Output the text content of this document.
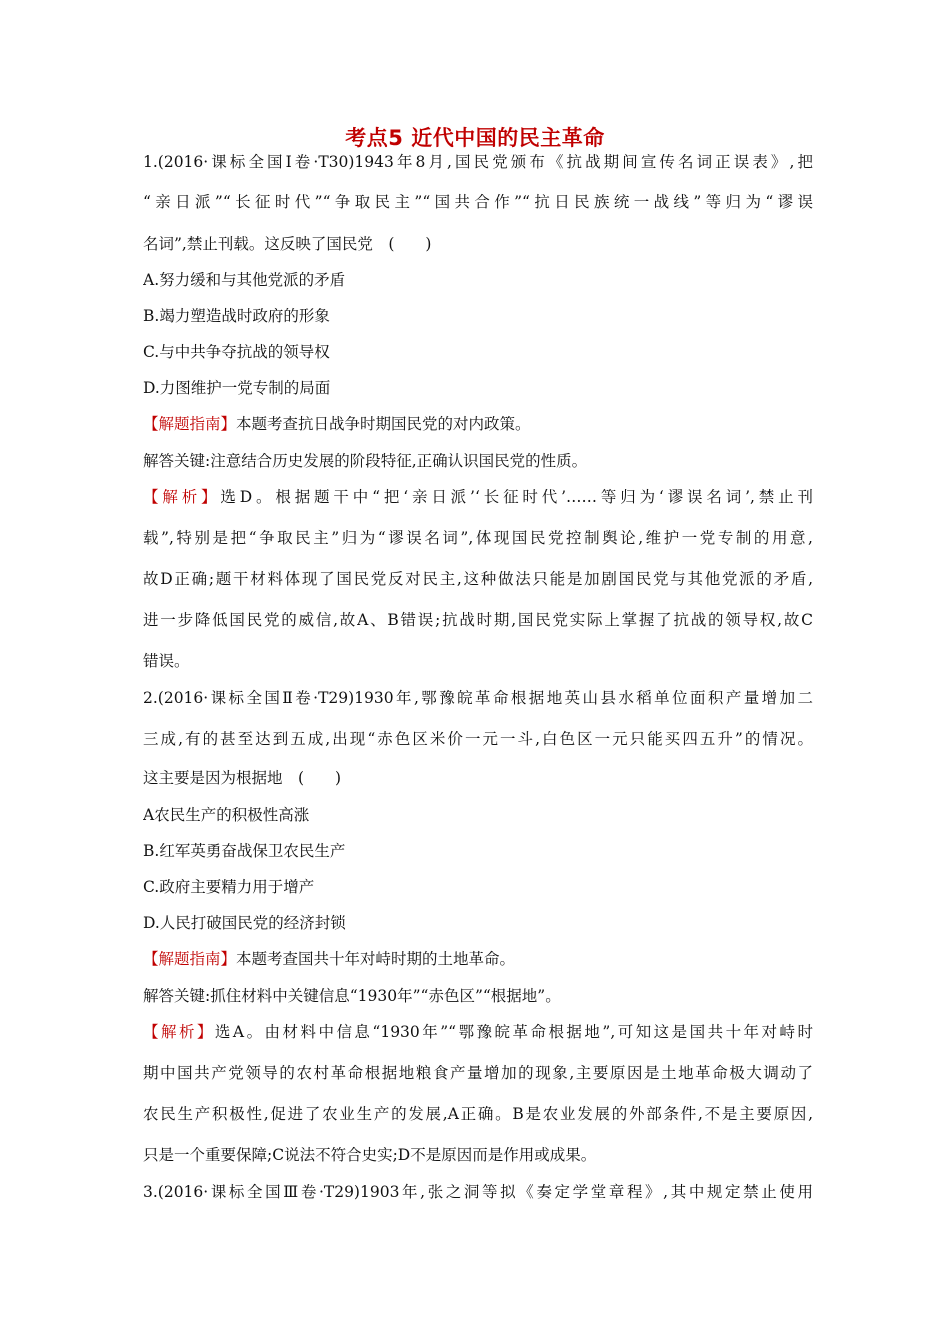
考点5 近代中国的民主革命
1.(2016·课标全国Ⅰ卷·T30)1943年8月,国民党颁布《抗战期间宣传名词正误表》,把
“亲日派”“长征时代”“争取民主”“国共合作”“抗日民族统一战线”等归为“谬误
名词”,禁止刊载。这反映了国民党　(　　)
A.努力缓和与其他党派的矛盾
B.竭力塑造战时政府的形象
C.与中共争夺抗战的领导权
D.力图维护一党专制的局面
【解题指南】本题考查抗日战争时期国民党的对内政策。
解答关键:注意结合历史发展的阶段特征,正确认识国民党的性质。
【解析】选D。根据题干中“把‘亲日派’‘长征时代’……等归为‘谬误名词’,禁止刊
载”,特别是把“争取民主”归为“谬误名词”,体现国民党控制舆论,维护一党专制的用意,
故D正确;题干材料体现了国民党反对民主,这种做法只能是加剧国民党与其他党派的矛盾,
进一步降低国民党的威信,故A、B错误;抗战时期,国民党实际上掌握了抗战的领导权,故C
错误。
2.(2016·课标全国Ⅱ卷·T29)1930年,鄂豫皖革命根据地英山县水稻单位面积产量增加二
三成,有的甚至达到五成,出现“赤色区米价一元一斗,白色区一元只能买四五升”的情况。
这主要是因为根据地　(　　)
A农民生产的积极性高涨
B.红军英勇奋战保卫农民生产
C.政府主要精力用于增产
D.人民打破国民党的经济封锁
【解题指南】本题考查国共十年对峙时期的土地革命。
解答关键:抓住材料中关键信息“1930年”“赤色区”“根据地”。
【解析】选A。由材料中信息“1930年”“鄂豫皖革命根据地”,可知这是国共十年对峙时
期中国共产党领导的农村革命根据地粮食产量增加的现象,主要原因是土地革命极大调动了
农民生产积极性,促进了农业生产的发展,A正确。B是农业发展的外部条件,不是主要原因,
只是一个重要保障;C说法不符合史实;D不是原因而是作用或成果。
3.(2016·课标全国Ⅲ卷·T29)1903年,张之洞等拟《奏定学堂章程》,其中规定禁止使用
